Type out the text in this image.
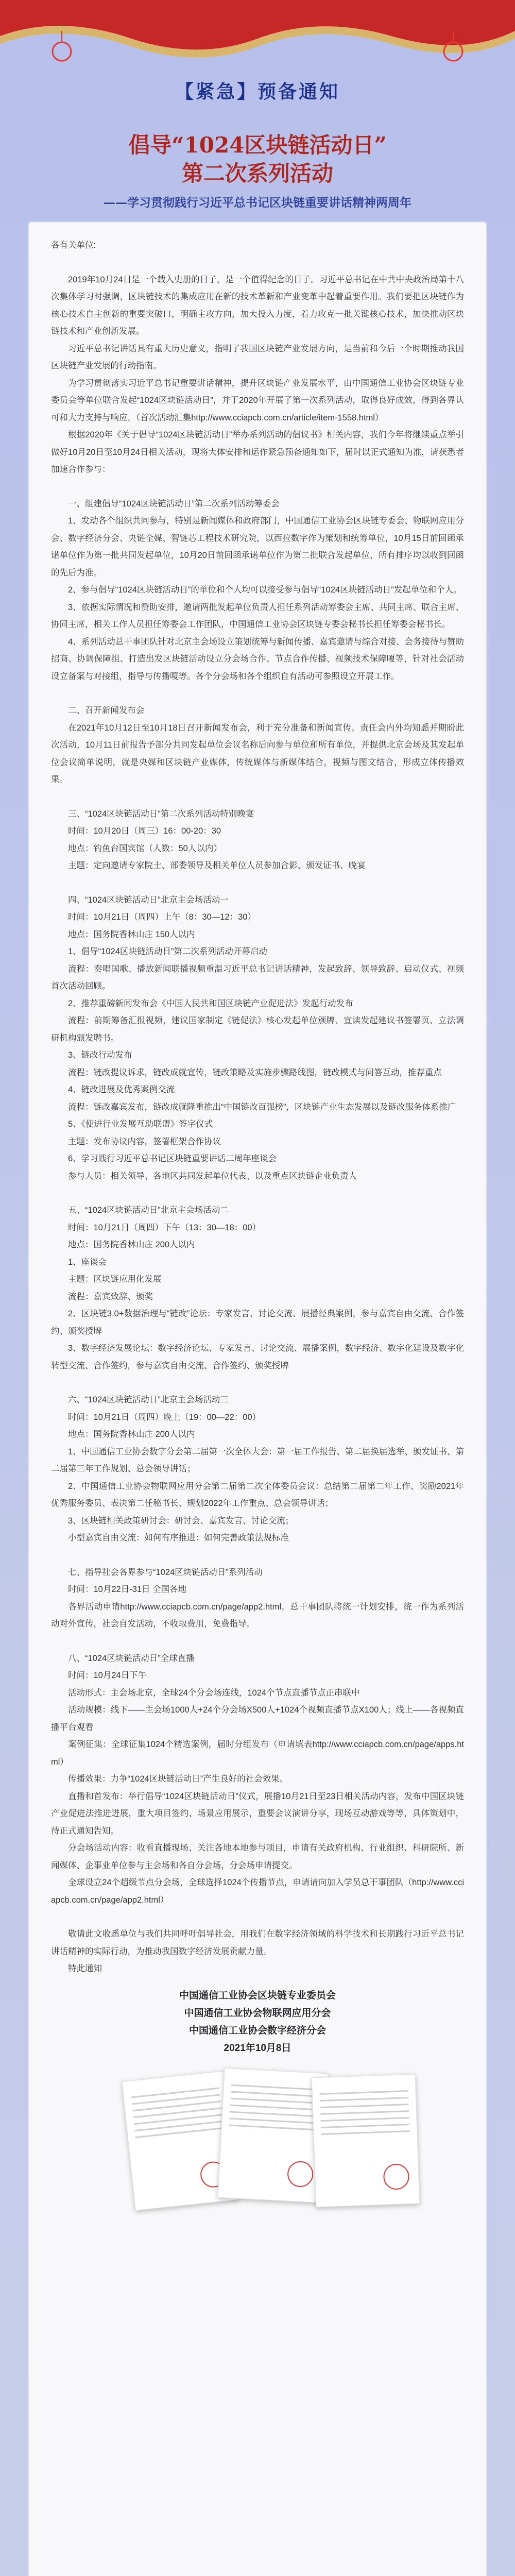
【紧急】预备通知
倡导“1024区块链活动日”
第二次系列活动
——学习贯彻践行习近平总书记区块链重要讲话精神两周年

各有关单位:

2019年10月24日是一个载入史册的日子，是一个值得纪念的日子。习近平总书记在中共中央政治局第十八次集体学习时强调，区块链技术的集成应用在新的技术革新和产业变革中起着重要作用。我们要把区块链作为核心技术自主创新的重要突破口，明确主攻方向，加大投入力度，着力攻克一批关键核心技术，加快推动区块链技术和产业创新发展。

习近平总书记讲话具有重大历史意义，指明了我国区块链产业发展方向，是当前和今后一个时期推动我国区块链产业发展的行动指南。

为学习贯彻落实习近平总书记重要讲话精神，提升区块链产业发展水平，由中国通信工业协会区块链专业委员会等单位联合发起“1024区块链活动日”，并于2020年开展了第一次系列活动，取得良好成效，得到各界认可和大力支持与响应。（首次活动汇集http://www.cciapcb.com.cn/article/item-1558.html）

根据2020年《关于倡导“1024区块链活动日”举办系列活动的倡议书》相关内容，我们今年将继续重点举引做好10月20日至10月24日相关活动，现将大体安排和运作紧急预备通知如下，届时以正式通知为准，请获悉者加速合作参与：

一、组建倡导“1024区块链活动日”第二次系列活动筹委会

1、发动各个组织共同参与，特别是新闻媒体和政府部门，中国通信工业协会区块链专委会、物联网应用分会、数字经济分会、央链全媒、智链芯工程技术研究院，以西拉数字作为策划和统筹单位，10月15日前回函承诺单位作为第一批共同发起单位，10月20日前回函承诺单位作为第二批联合发起单位，所有排序均以收到回函的先后为准。

2、参与倡导“1024区块链活动日”的单位和个人均可以接受参与倡导“1024区块链活动日”发起单位和个人。

3、依据实际情况和赞助安排，邀请两批发起单位负责人担任系列活动筹委会主席、共同主席、联合主席、协同主席，相关工作人员担任筹委会工作团队，中国通信工业协会区块链专委会秘书长担任筹委会秘书长。

4、系列活动总干事团队针对北京主会场设立策划统筹与新闻传播、嘉宾邀请与综合对接、会务接待与赞助招商、协调保障组、打造出发区块链活动设立分会场合作、节点合作传播、视频技术保障嗄等，针对社会活动设立备案与对接组，指导与传播嗄等。各个分会场和各个组织自有活动可参照设立开展工作。

二、召开新闻发布会

在2021年10月12日至10月18日召开新闻发布会，利于充分准备和新闻宣传。责任会内外均知悉并期盼此次活动，10月11日前报告予部分共同发起单位会议名称后向参与单位和所有单位，并提供北京会场及其发起单位会议简单说明，就是央媒和区块链产业媒体，传统媒体与新媒体结合，视频与图文结合，形成立体传播效果。

三、“1024区块链活动日”第二次系列活动特别晚宴

时间：10月20日（周三）16：00-20：30

地点：钓鱼台国宾馆（人数：50人以内）

主题：定向邀请专家院士、部委领导及相关单位人员参加合影、颁发证书、晚宴

四、“1024区块链活动日”北京主会场活动一

时间：10月21日（周四）上午（8：30—12：30）

地点：国务院香林山庄 150人以内

1、倡导“1024区块链活动日”第二次系列活动开幕启动

流程：奏唱国歌、播放新闻联播视频重温习近平总书记讲话精神，发起致辞、领导致辞、启动仪式、视频首次活动回顾。

2、推荐重磅新闻发布会《中国人民共和国区块链产业促进法》发起行动发布

流程：前期筹备汇报视频，建议国家制定《链促法》核心发起单位颁牌、宣读发起建议书签署页、立法调研机构颁发聘书。

3、链改行动发布

流程：链改提议诉求，链改成就宣传，链改策略及实施步骤路线图，链改模式与问答互动，推荐重点

4、链改进展及优秀案例交流

流程：链改嘉宾发布，链改成就隆重推出“中国链改百强榜”，区块链产业生态发展以及链改服务体系推广

5、《使进行业发展互助联盟》签字仪式

主题：发布协议内容，签署框架合作协议

6、学习践行习近平总书记区块链重要讲话二周年座谈会

参与人员：相关领导、各地区共同发起单位代表、以及重点区块链企业负责人

五、“1024区块链活动日”北京主会场活动二

时间：10月21日（周四）下午（13：30—18：00）

地点：国务院香林山庄 200人以内

1、座谈会

主题：区块链应用化发展

流程：嘉宾致辞、颁奖

2、区块链3.0+数据治理与“链改”论坛：专家发言、讨论交流、展播经典案例，参与嘉宾自由交流、合作签约、颁奖授牌

3、数字经济发展论坛：数字经济论坛、专家发言、讨论交流、展播案例，数字经济、数字化建设及数字化转型交流、合作签约，参与嘉宾自由交流、合作签约、颁奖授牌

六、“1024区块链活动日”北京主会场活动三

时间：10月21日（周四）晚上（19：00—22：00）

地点：国务院香林山庄 200人以内

1、中国通信工业协会数字分会第二届第一次全体大会：第一届工作报告、第二届换届选举、颁发证书、第二届第三年工作规划、总会领导讲话；

2、中国通信工业协会物联网应用分会第二届第二次全体委员会议：总结第二届第二年工作、奖励2021年优秀服务委员、表决第二任秘书长、规划2022年工作重点、总会领导讲话；

3、区块链相关政策研讨会：研讨会、嘉宾发言、讨论交流；

小型嘉宾自由交流：如何有序推进：如何完善政策法规标准

七、指导社会各界参与“1024区块链活动日”系列活动

时间：10月22日-31日 全国各地

各界活动申请http://www.cciapcb.com.cn/page/app2.html。总干事团队将统一计划安排，统一作为系列活动对外宣传，社会自发活动，不收取费用，免费指导。

八、“1024区块链活动日”全球直播

时间：10月24日下午

活动形式：主会场北京，全球24个分会场连线，1024个节点直播节点正串联中

活动规模：线下——主会场1000人+24个分会场X500人+1024个视频直播节点X100人；线上——各视频直播平台观看

案例征集：全球征集1024个精选案例，届时分组发布（申请填表http://www.cciapcb.com.cn/page/apps.html）

传播效果：力争“1024区块链活动日”产生良好的社会效果。

直播和首发布：举行倡导“1024区块链活动日”仪式，展播10月21日至23日相关活动内容，发布中国区块链产业促进法推进进展，重大项目签约、场景应用展示，重要会议演讲分享，现场互动游戏等等，具体策划中，待正式通知告知。

分会场活动内容：收看直播现场、关注各地本地参与项目，申请有关政府机构、行业组织、科研院所、新闻媒体、企事业单位参与主会场和各自分会场，分会场申请提交。

全球设立24个超级节点分会场，全球选择1024个传播节点，申请请向加入学员总干事团队（http://www.cciapcb.com.cn/page/app2.html）

敬请此文收悉单位与我们共同呼吁倡导社会，用我们在数字经济领域的科学技术和长期践行习近平总书记讲话精神的实际行动，为推动我国数字经济发展贡献力量。

特此通知

中国通信工业协会区块链专业委员会

中国通信工业协会物联网应用分会

中国通信工业协会数字经济分会

2021年10月8日
